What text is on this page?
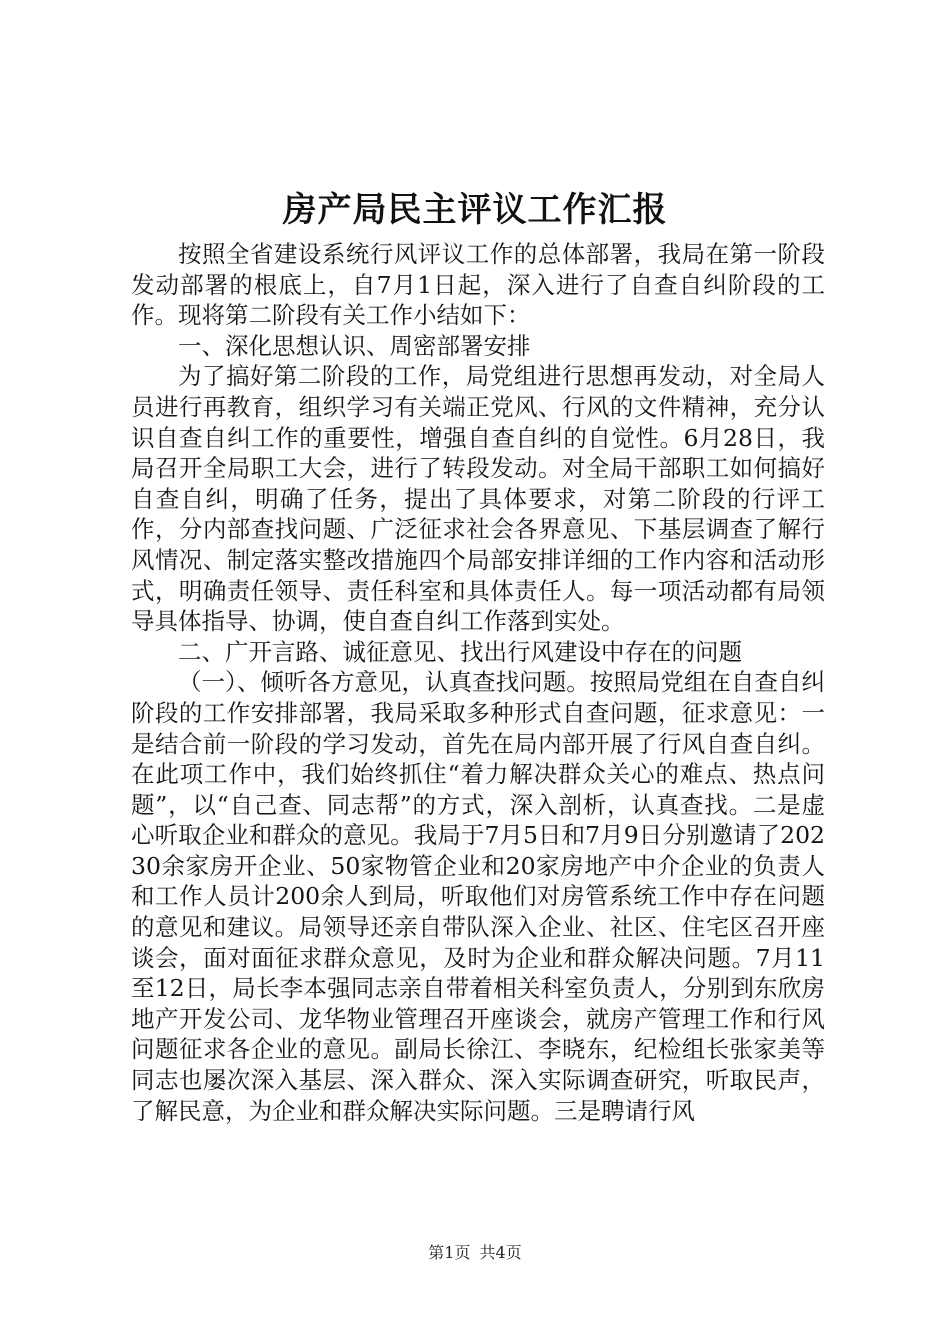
房产局民主评议工作汇报

按照全省建设系统行风评议工作的总体部署，我局在第一阶段发动部署的根底上，自7月1日起，深入进行了自查自纠阶段的工作。现将第二阶段有关工作小结如下：

一、深化思想认识、周密部署安排

为了搞好第二阶段的工作，局党组进行思想再发动，对全局人员进行再教育，组织学习有关端正党风、行风的文件精神，充分认识自查自纠工作的重要性，增强自查自纠的自觉性。6月28日，我局召开全局职工大会，进行了转段发动。对全局干部职工如何搞好自查自纠，明确了任务，提出了具体要求，对第二阶段的行评工作，分内部查找问题、广泛征求社会各界意见、下基层调查了解行风情况、制定落实整改措施四个局部安排详细的工作内容和活动形式，明确责任领导、责任科室和具体责任人。每一项活动都有局领导具体指导、协调，使自查自纠工作落到实处。

二、广开言路、诚征意见、找出行风建设中存在的问题

（一）、倾听各方意见，认真查找问题。按照局党组在自查自纠阶段的工作安排部署，我局采取多种形式自查问题，征求意见：一是结合前一阶段的学习发动，首先在局内部开展了行风自查自纠。在此项工作中，我们始终抓住“着力解决群众关心的难点、热点问题”，以“自己查、同志帮”的方式，深入剖析，认真查找。二是虚心听取企业和群众的意见。我局于7月5日和7月9日分别邀请了20230余家房开企业、50家物管企业和20家房地产中介企业的负责人和工作人员计200余人到局，听取他们对房管系统工作中存在问题的意见和建议。局领导还亲自带队深入企业、社区、住宅区召开座谈会，面对面征求群众意见，及时为企业和群众解决问题。7月11至12日，局长李本强同志亲自带着相关科室负责人，分别到东欣房地产开发公司、龙华物业管理召开座谈会，就房产管理工作和行风问题征求各企业的意见。副局长徐江、李晓东，纪检组长张家美等同志也屡次深入基层、深入群众、深入实际调查研究，听取民声，了解民意，为企业和群众解决实际问题。三是聘请行风

第1页 共4页
